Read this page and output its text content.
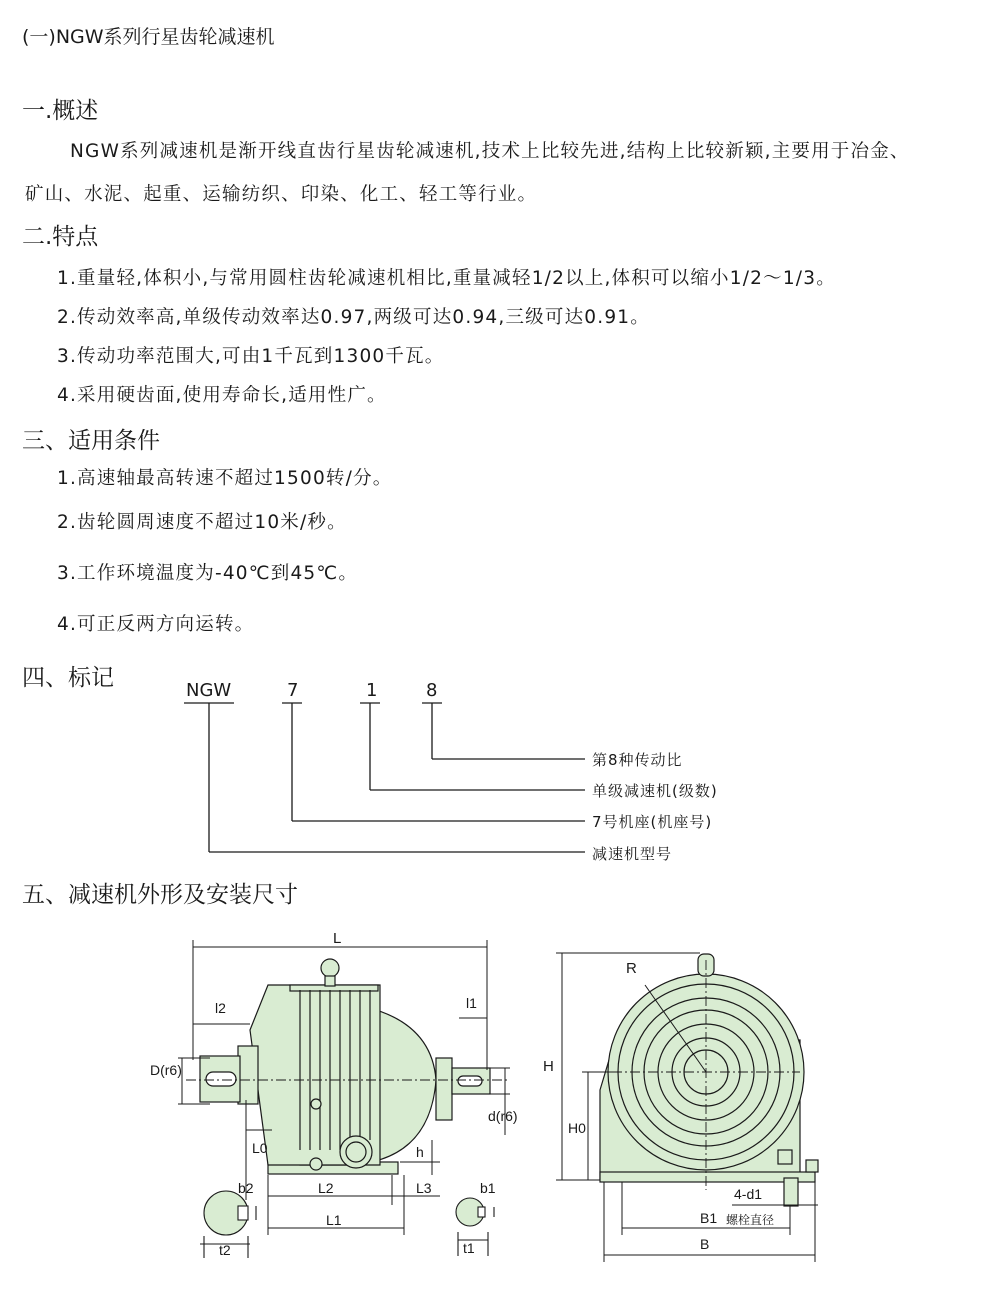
(一)NGW系列行星齿轮减速机
一.概述
NGW系列减速机是渐开线直齿行星齿轮减速机,技术上比较先进,结构上比较新颖,主要用于冶金、
矿山、水泥、起重、运输纺织、印染、化工、轻工等行业。
二.特点
1.重量轻,体积小,与常用圆柱齿轮减速机相比,重量减轻1/2以上,体积可以缩小1/2～1/3。
2.传动效率高,单级传动效率达0.97,两级可达0.94,三级可达0.91。
3.传动功率范围大,可由1千瓦到1300千瓦。
4.采用硬齿面,使用寿命长,适用性广。
三、适用条件
1.高速轴最高转速不超过1500转/分。
2.齿轮圆周速度不超过10米/秒。
3.工作环境温度为-40℃到45℃。
4.可正反两方向运转。
四、标记	NGW	7	1	8
第8种传动比
单级减速机(级数)
7号机座(机座号)
减速机型号
五、减速机外形及安装尺寸
L
l2	l1
D(r6)
d(r6)
L0	h
L2	L3
L1
b2
t2
b1
t1
R
H
H0
4-d1
B1 螺栓直径
B
